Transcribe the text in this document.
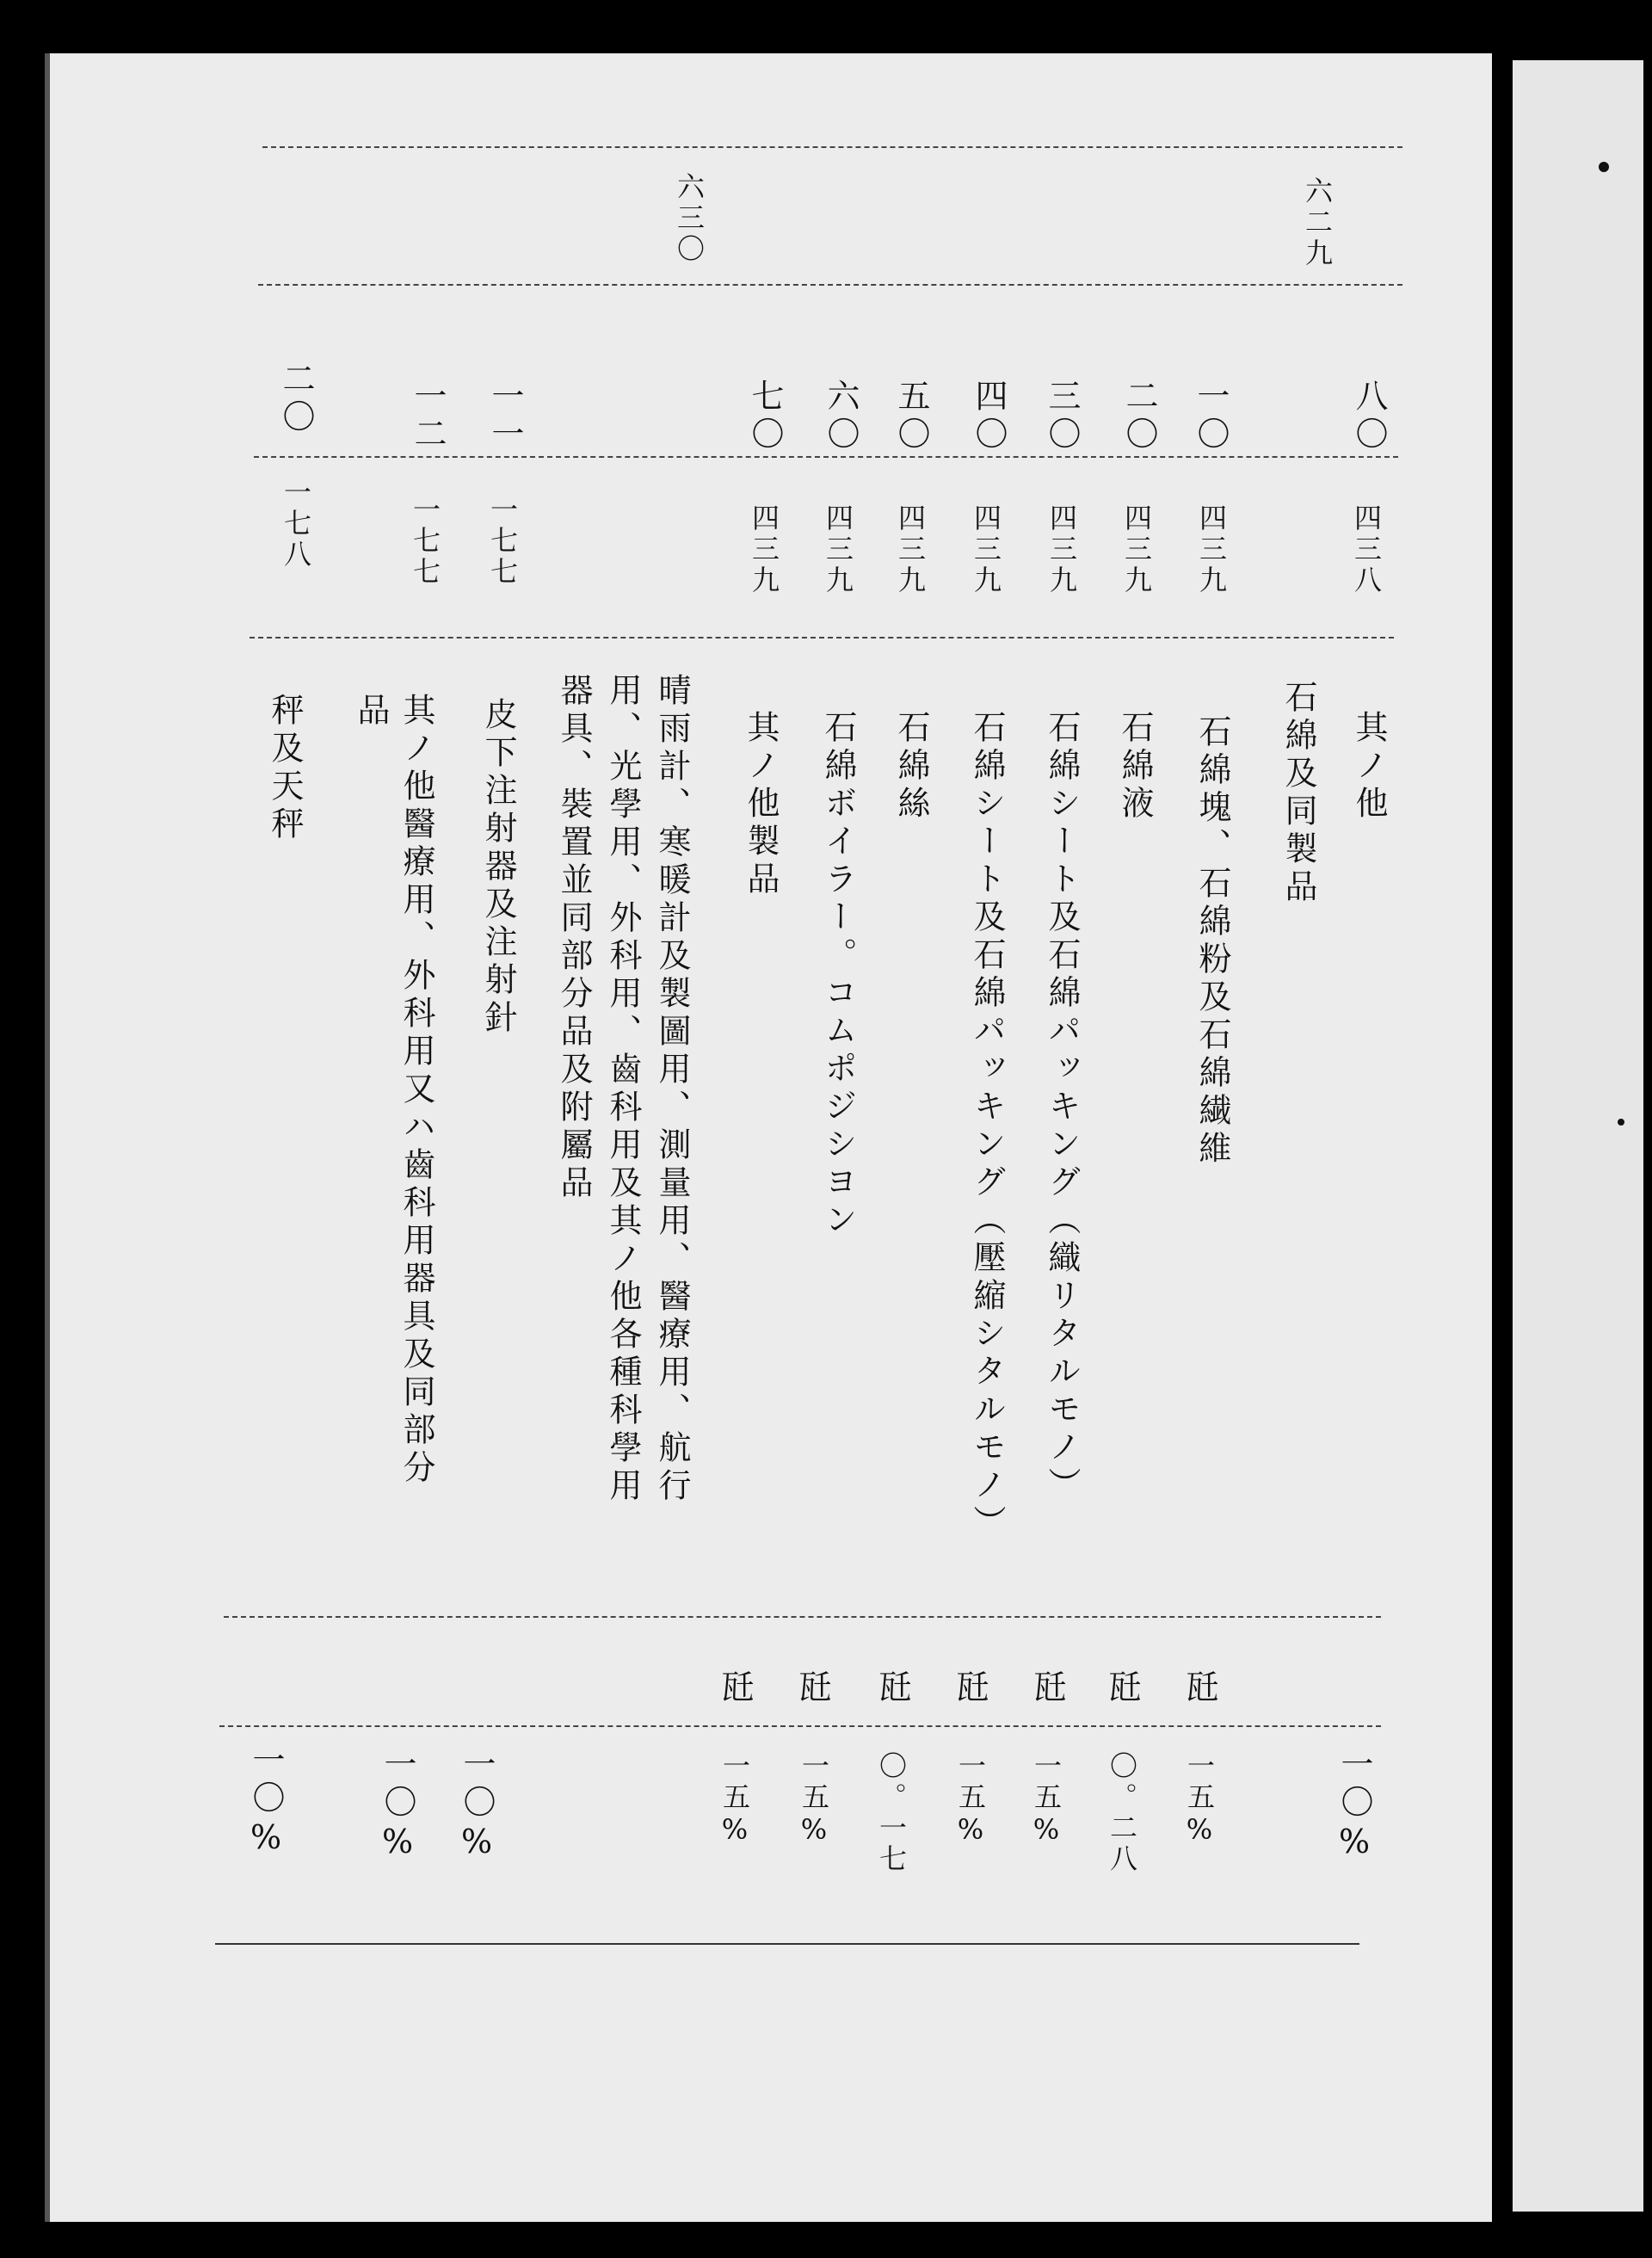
六二九
六三〇
八〇
四三八
其ノ他
一〇%
石綿及同製品
一〇
四三九
石綿塊、石綿粉及石綿繊維
瓩
一五%
二〇
四三九
石綿液
瓩
〇。二八
三〇
四三九
石綿シート及石綿パッキング（織リタルモノ）
瓩
一五%
四〇
四三九
石綿シート及石綿パッキング（壓縮シタルモノ）
瓩
一五%
五〇
四三九
石綿絲
瓩
〇。一七
六〇
四三九
石綿ボイラー。コムポジシヨン
瓩
一五%
七〇
四三九
其ノ他製品
瓩
一五%
晴雨計、寒暖計及製圖用、測量用、醫療用、航行
用、光學用、外科用、齒科用及其ノ他各種科學用
器具、裝置並同部分品及附屬品
一一
一七七
皮下注射器及注射針
一〇%
一二
一七七
其ノ他醫療用、外科用又ハ齒科用器具及同部分
品
一〇%
二〇
一七八
秤及天秤
一〇%
